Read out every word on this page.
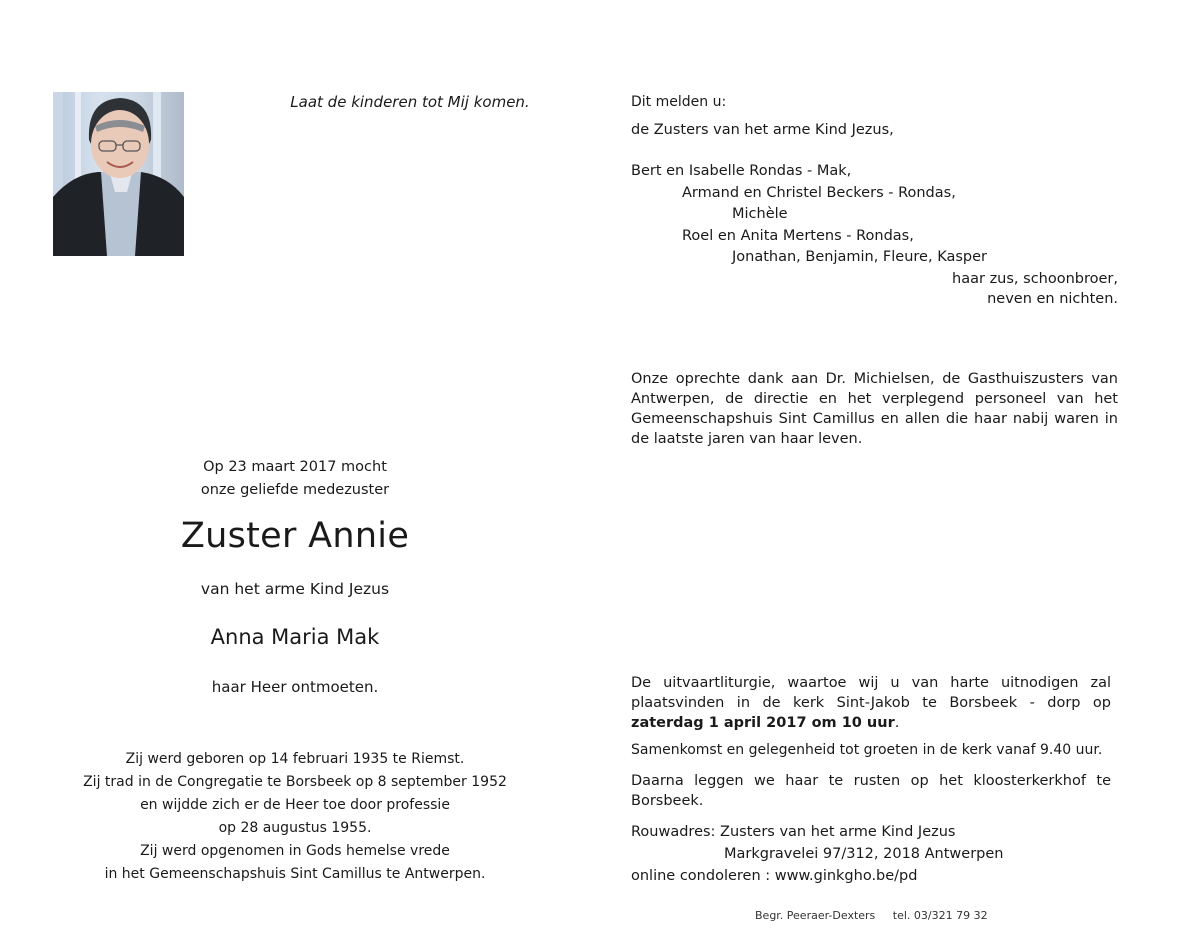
Laat de kinderen tot Mij komen.
Op 23 maart 2017 mocht
onze geliefde medezuster
Zuster Annie
van het arme Kind Jezus
Anna Maria Mak
haar Heer ontmoeten.
Zij werd geboren op 14 februari 1935 te Riemst.
Zij trad in de Congregatie te Borsbeek op 8 september 1952
en wijdde zich er de Heer toe door professie
op 28 augustus 1955.
Zij werd opgenomen in Gods hemelse vrede
in het Gemeenschapshuis Sint Camillus te Antwerpen.
Dit melden u:
de Zusters van het arme Kind Jezus,
Bert en Isabelle Rondas - Mak,
Armand en Christel Beckers - Rondas,
Michèle
Roel en Anita Mertens - Rondas,
Jonathan, Benjamin, Fleure, Kasper
haar zus, schoonbroer,
neven en nichten.
Onze oprechte dank aan Dr. Michielsen, de Gasthuiszusters van Antwerpen, de directie en het verplegend personeel van het Gemeenschapshuis Sint Camillus en allen die haar nabij waren in de laatste jaren van haar leven.
De uitvaartliturgie, waartoe wij u van harte uitnodigen zal plaatsvinden in de kerk Sint-Jakob te Borsbeek - dorp op zaterdag 1 april 2017 om 10 uur.
Samenkomst en gelegenheid tot groeten in de kerk vanaf 9.40 uur.
Daarna leggen we haar te rusten op het kloosterkerkhof te Borsbeek.
Rouwadres: Zusters van het arme Kind Jezus
Markgravelei 97/312, 2018 Antwerpen
online condoleren : www.ginkgho.be/pd
Begr. Peeraer-Dexters tel. 03/321 79 32
